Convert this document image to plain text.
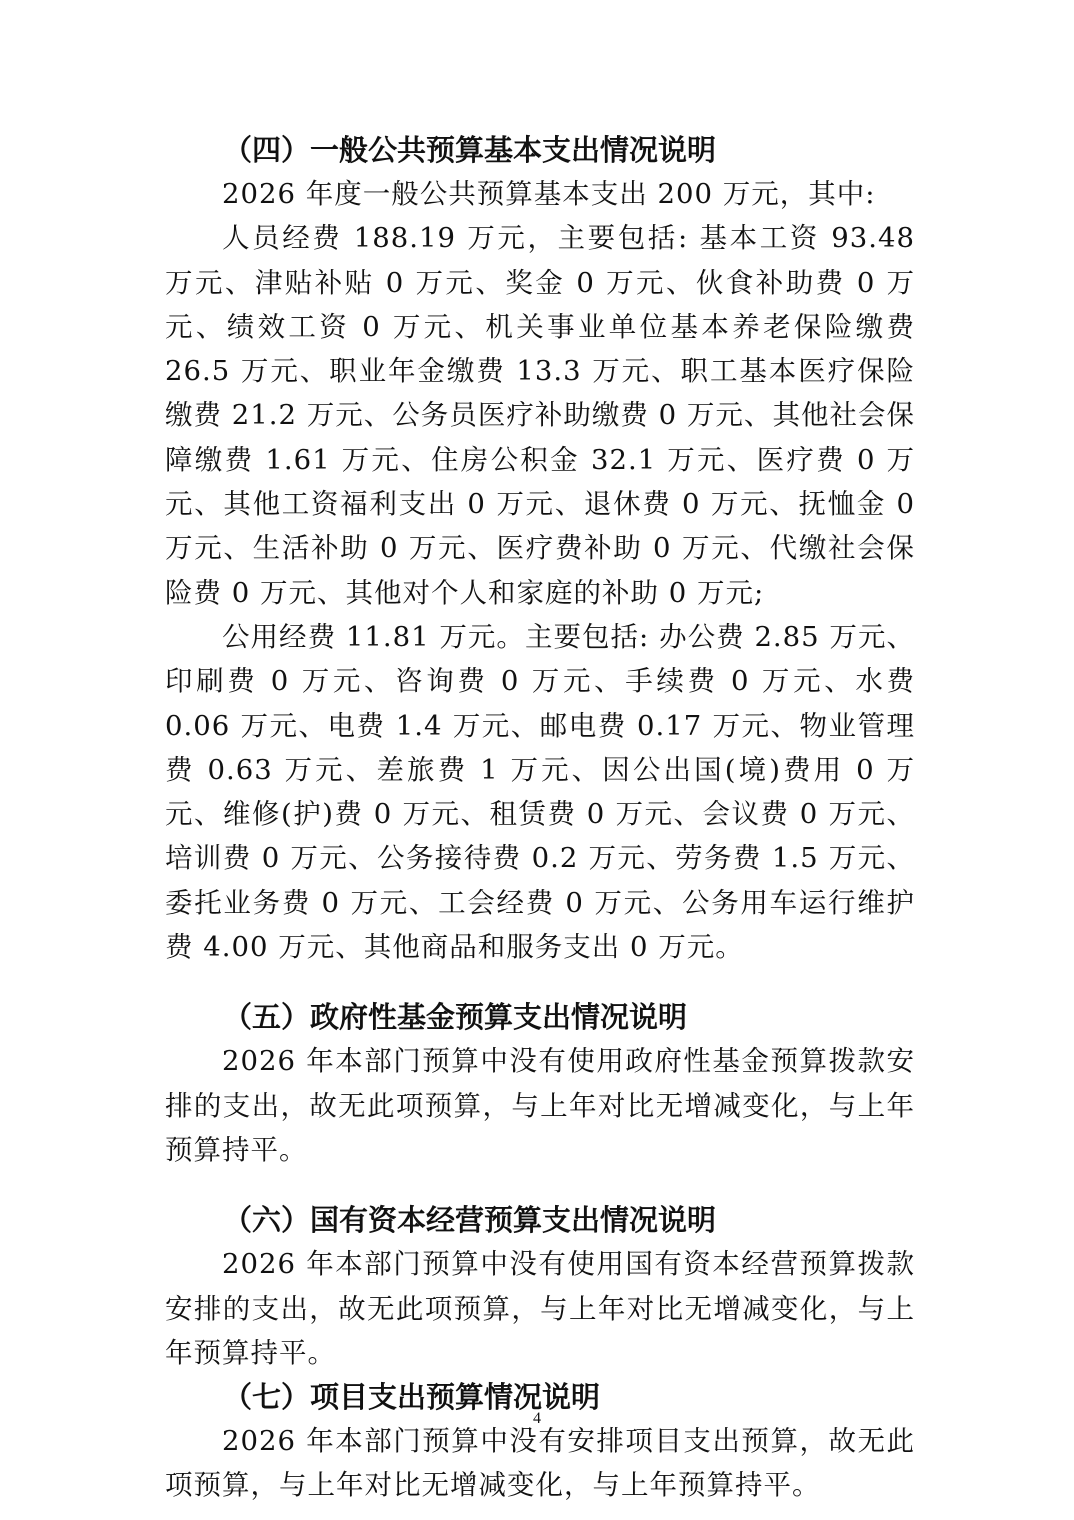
（四）一般公共预算基本支出情况说明

2026 年度一般公共预算基本支出 200 万元，其中:

人员经费 188.19 万元，主要包括: 基本工资 93.48 万元、津贴补贴 0 万元、奖金 0 万元、伙食补助费 0 万元、绩效工资 0 万元、机关事业单位基本养老保险缴费 26.5 万元、职业年金缴费 13.3 万元、职工基本医疗保险缴费 21.2 万元、公务员医疗补助缴费 0 万元、其他社会保障缴费 1.61 万元、住房公积金 32.1 万元、医疗费 0 万元、其他工资福利支出 0 万元、退休费 0 万元、抚恤金 0 万元、生活补助 0 万元、医疗费补助 0 万元、代缴社会保险费 0 万元、其他对个人和家庭的补助 0 万元;

公用经费 11.81 万元。主要包括: 办公费 2.85 万元、印刷费 0 万元、咨询费 0 万元、手续费 0 万元、水费 0.06 万元、电费 1.4 万元、邮电费 0.17 万元、物业管理费 0.63 万元、差旅费 1 万元、因公出国(境)费用 0 万元、维修(护)费 0 万元、租赁费 0 万元、会议费 0 万元、培训费 0 万元、公务接待费 0.2 万元、劳务费 1.5 万元、委托业务费 0 万元、工会经费 0 万元、公务用车运行维护费 4.00 万元、其他商品和服务支出 0 万元。

（五）政府性基金预算支出情况说明

2026 年本部门预算中没有使用政府性基金预算拨款安排的支出，故无此项预算，与上年对比无增减变化，与上年预算持平。

（六）国有资本经营预算支出情况说明

2026 年本部门预算中没有使用国有资本经营预算拨款安排的支出，故无此项预算，与上年对比无增减变化，与上年预算持平。

（七）项目支出预算情况说明

2026 年本部门预算中没有安排项目支出预算，故无此项预算，与上年对比无增减变化，与上年预算持平。

4
